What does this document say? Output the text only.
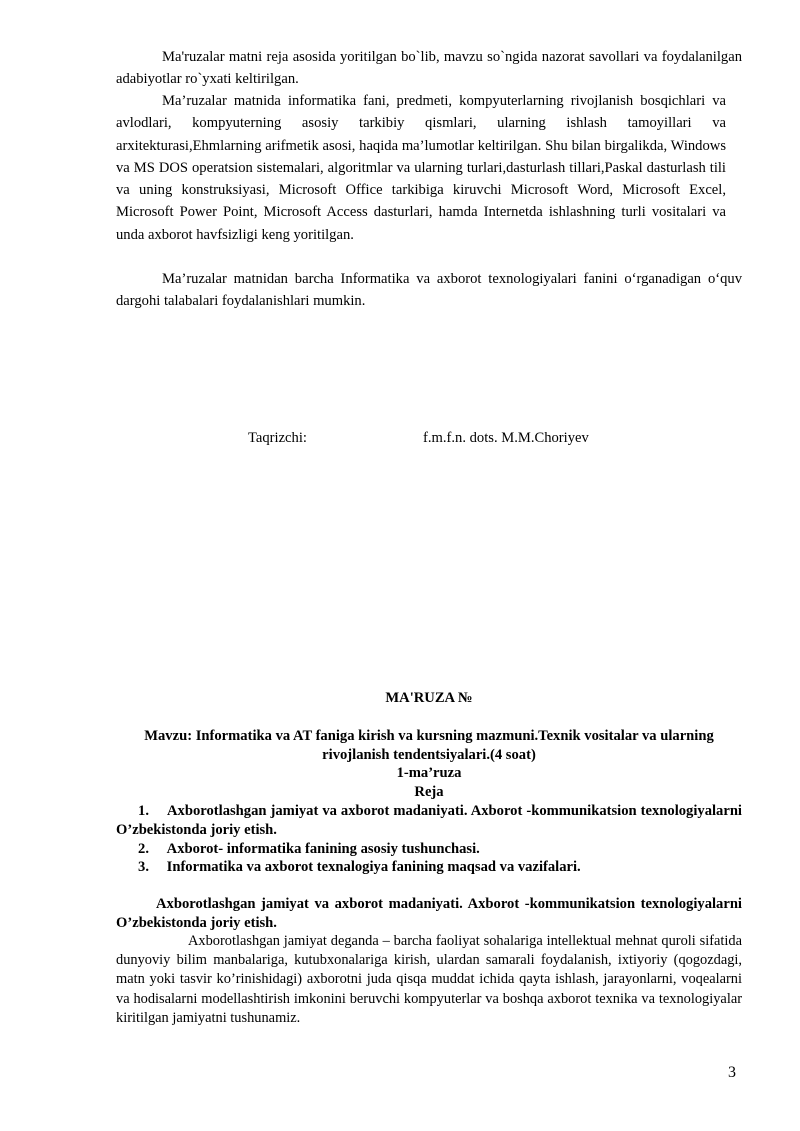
Ma'ruzalar matni reja asosida yoritilgan bo`lib, mavzu so`ngida nazorat savollari va foydalanilgan adabiyotlar ro`yxati keltirilgan.

Ma’ruzalar matnida informatika fani, predmeti, kompyuterlarning rivojlanish bosqichlari va avlodlari, kompyuterning asosiy tarkibiy qismlari, ularning ishlash tamoyillari va arxitekturasi,Ehmlarning arifmetik asosi, haqida ma’lumotlar keltirilgan. Shu bilan birgalikda, Windows va MS DOS operatsion sistemalari, algoritmlar va ularning turlari,dasturlash tillari,Paskal dasturlash tili va uning konstruksiyasi, Microsoft Office tarkibiga kiruvchi Microsoft Word, Microsoft Excel, Microsoft Power Point, Microsoft Access dasturlari, hamda Internetda ishlashning turli vositalari va unda axborot havfsizligi keng yoritilgan.

Ma’ruzalar matnidan barcha Informatika va axborot texnologiyalari fanini o‘rganadigan o‘quv dargohi talabalari foydalanishlari mumkin.

Taqrizchi:	f.m.f.n. dots. M.M.Choriyev
MA'RUZA №
Mavzu: Informatika va AT faniga kirish va kursning mazmuni.Texnik vositalar va ularning rivojlanish tendentsiyalari.(4 soat)
1-ma’ruza
Reja
1. Axborotlashgan jamiyat va axborot madaniyati. Axborot -kommunikatsion texnologiyalarni O’zbekistonda joriy etish.
2. Axborot- informatika fanining asosiy tushunchasi.
3. Informatika va axborot texnalogiya fanining maqsad va vazifalari.
Axborotlashgan jamiyat va axborot madaniyati. Axborot -kommunikatsion texnologiyalarni O’zbekistonda joriy etish.

Axborotlashgan jamiyat deganda – barcha faoliyat sohalariga intellektual mehnat quroli sifatida dunyoviy bilim manbalariga, kutubxonalariga kirish, ulardan samarali foydalanish, ixtiyoriy (qogozdagi, matn yoki tasvir ko’rinishidagi) axborotni juda qisqa muddat ichida qayta ishlash, jarayonlarni, voqealarni va hodisalarni modellashtirish imkonini beruvchi kompyuterlar va boshqa axborot texnika va texnologiyalar kiritilgan jamiyatni tushunamiz.

3
